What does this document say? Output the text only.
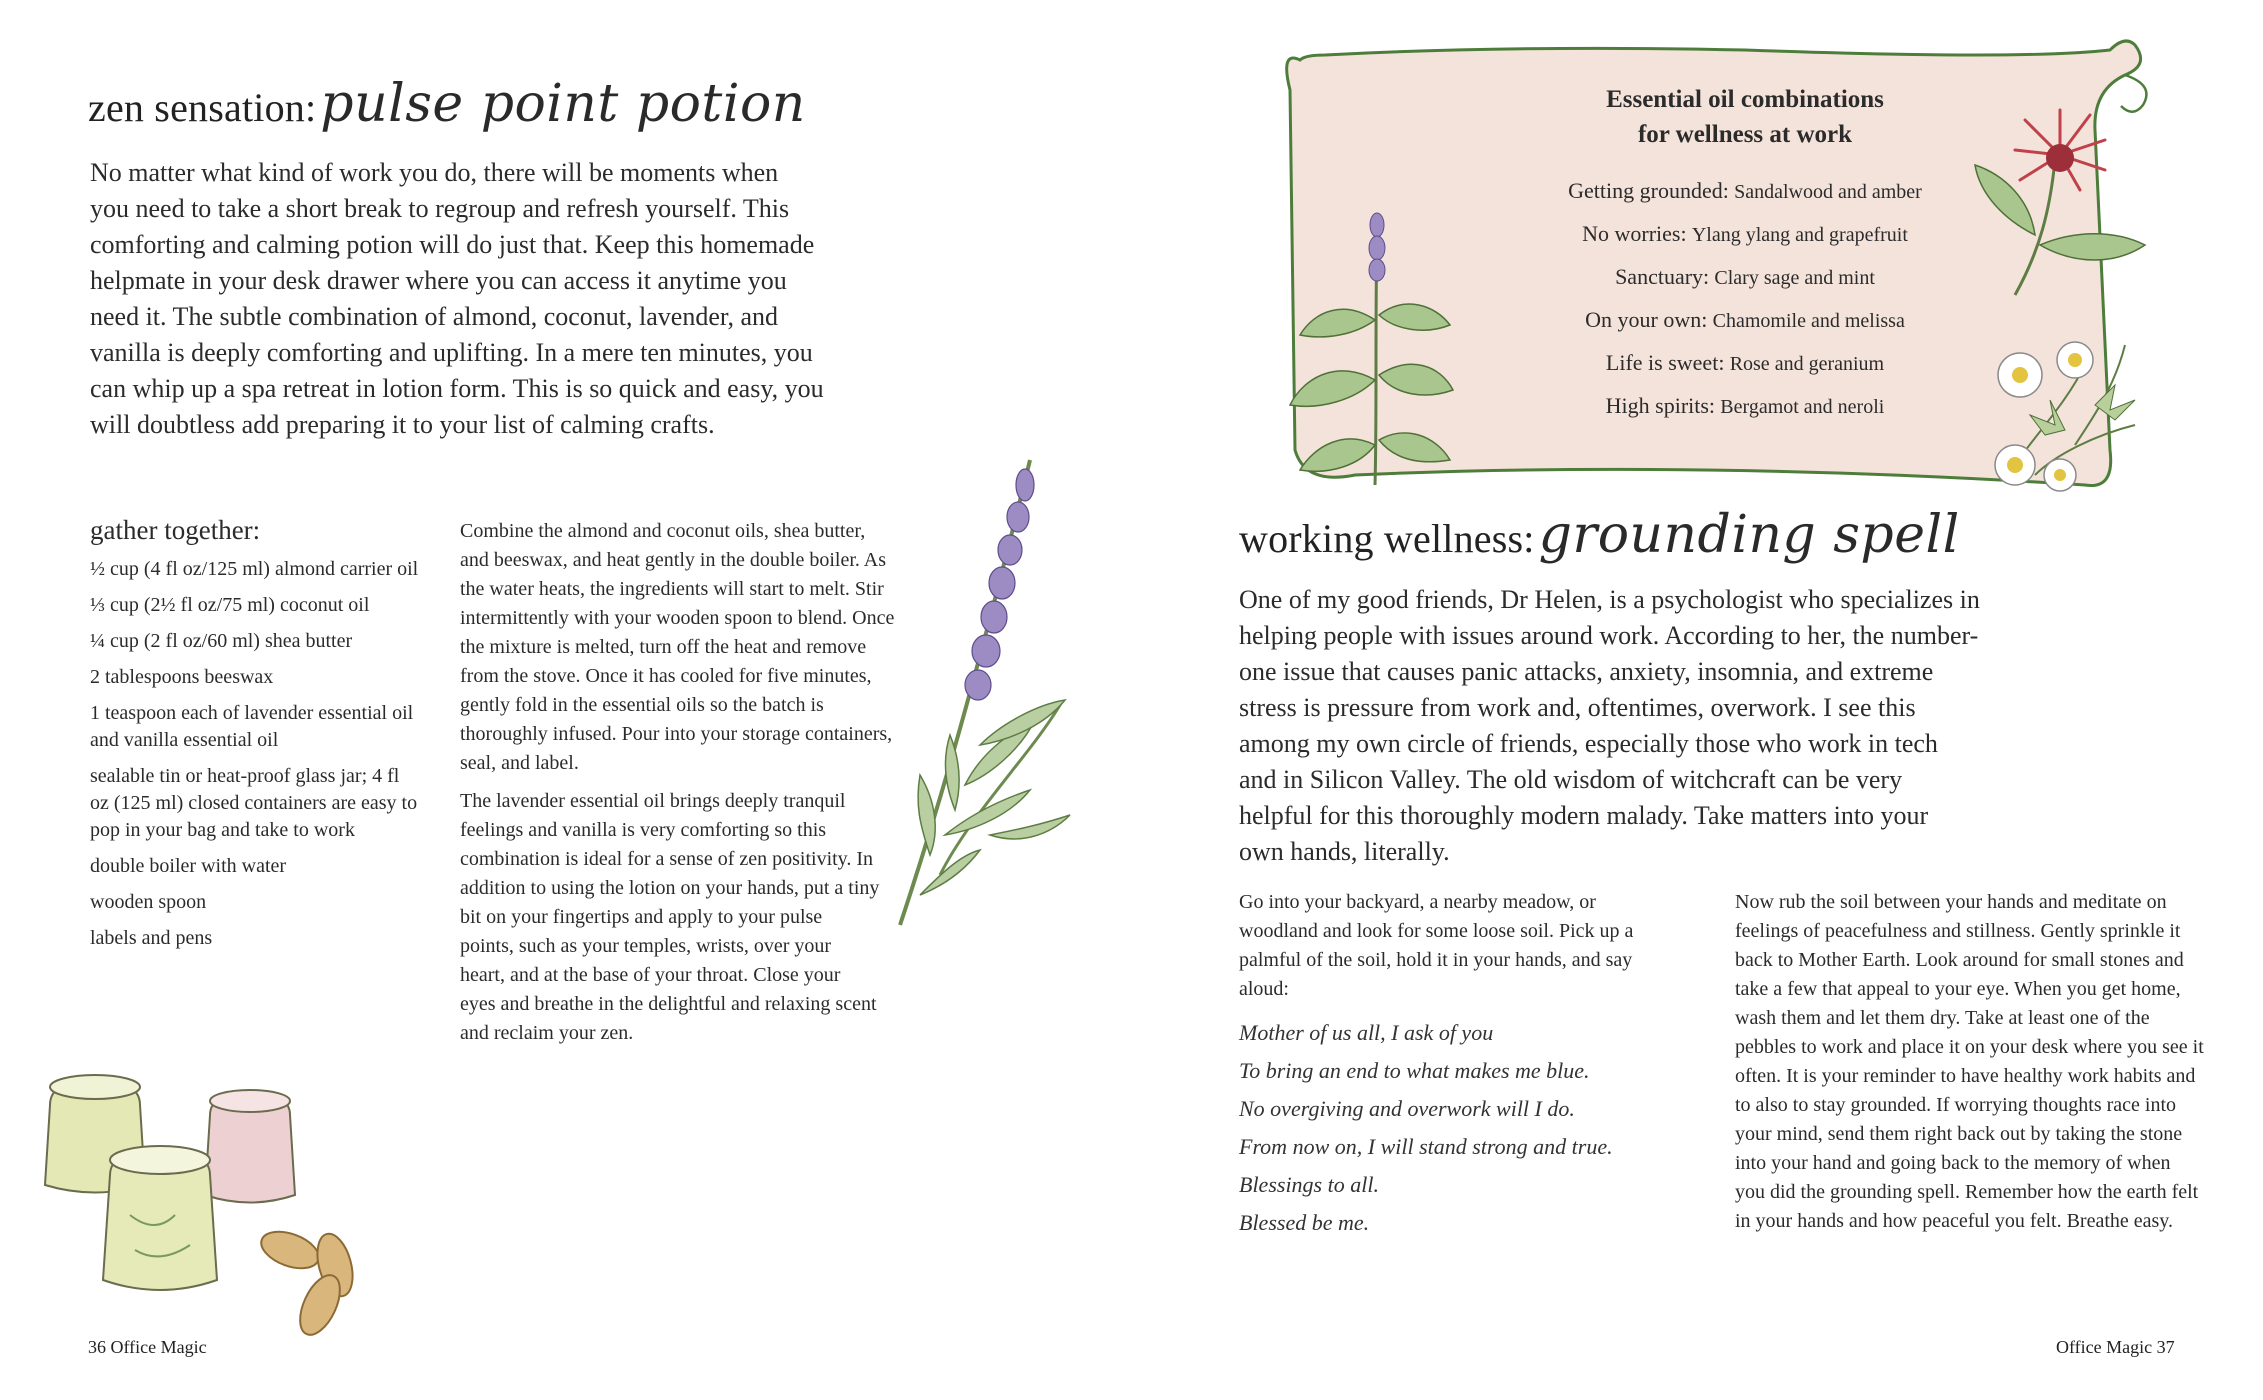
zen sensation: pulse point potion

No matter what kind of work you do, there will be moments when

you need to take a short break to regroup and refresh yourself. This

comforting and calming potion will do just that. Keep this homemade

helpmate in your desk drawer where you can access it anytime you

need it. The subtle combination of almond, coconut, lavender, and

vanilla is deeply comforting and uplifting. In a mere ten minutes, you

can whip up a spa retreat in lotion form. This is so quick and easy, you

will doubtless add preparing it to your list of calming crafts.

gather together:
½ cup (4 fl oz/125 ml) almond carrier oil
⅓ cup (2½ fl oz/75 ml) coconut oil
¼ cup (2 fl oz/60 ml) shea butter
2 tablespoons beeswax
1 teaspoon each of lavender essential oil and vanilla essential oil
sealable tin or heat-proof glass jar; 4 fl oz (125 ml) closed containers are easy to pop in your bag and take to work
double boiler with water
wooden spoon
labels and pens

Combine the almond and coconut oils, shea butter, and beeswax, and heat gently in the double boiler. As the water heats, the ingredients will start to melt. Stir intermittently with your wooden spoon to blend. Once the mixture is melted, turn off the heat and remove from the stove. Once it has cooled for five minutes, gently fold in the essential oils so the batch is thoroughly infused. Pour into your storage containers, seal, and label.

The lavender essential oil brings deeply tranquil feelings and vanilla is very comforting so this combination is ideal for a sense of zen positivity. In addition to using the lotion on your hands, put a tiny bit on your fingertips and apply to your pulse points, such as your temples, wrists, over your heart, and at the base of your throat. Close your eyes and breathe in the delightful and relaxing scent and reclaim your zen.

36 Office Magic
Essential oil combinations
for wellness at work
Getting grounded: Sandalwood and amber
No worries: Ylang ylang and grapefruit
Sanctuary: Clary sage and mint
On your own: Chamomile and melissa
Life is sweet: Rose and geranium
High spirits: Bergamot and neroli
working wellness: grounding spell

One of my good friends, Dr Helen, is a psychologist who specializes in

helping people with issues around work. According to her, the number-

one issue that causes panic attacks, anxiety, insomnia, and extreme

stress is pressure from work and, oftentimes, overwork. I see this

among my own circle of friends, especially those who work in tech

and in Silicon Valley. The old wisdom of witchcraft can be very

helpful for this thoroughly modern malady. Take matters into your

own hands, literally.

Go into your backyard, a nearby meadow, or woodland and look for some loose soil. Pick up a palmful of the soil, hold it in your hands, and say aloud:

Mother of us all, I ask of you

To bring an end to what makes me blue.

No overgiving and overwork will I do.

From now on, I will stand strong and true.

Blessings to all.

Blessed be me.

Now rub the soil between your hands and meditate on feelings of peacefulness and stillness. Gently sprinkle it back to Mother Earth. Look around for small stones and take a few that appeal to your eye. When you get home, wash them and let them dry. Take at least one of the pebbles to work and place it on your desk where you see it often. It is your reminder to have healthy work habits and to also to stay grounded. If worrying thoughts race into your mind, send them right back out by taking the stone into your hand and going back to the memory of when you did the grounding spell. Remember how the earth felt in your hands and how peaceful you felt. Breathe easy.

Office Magic 37
